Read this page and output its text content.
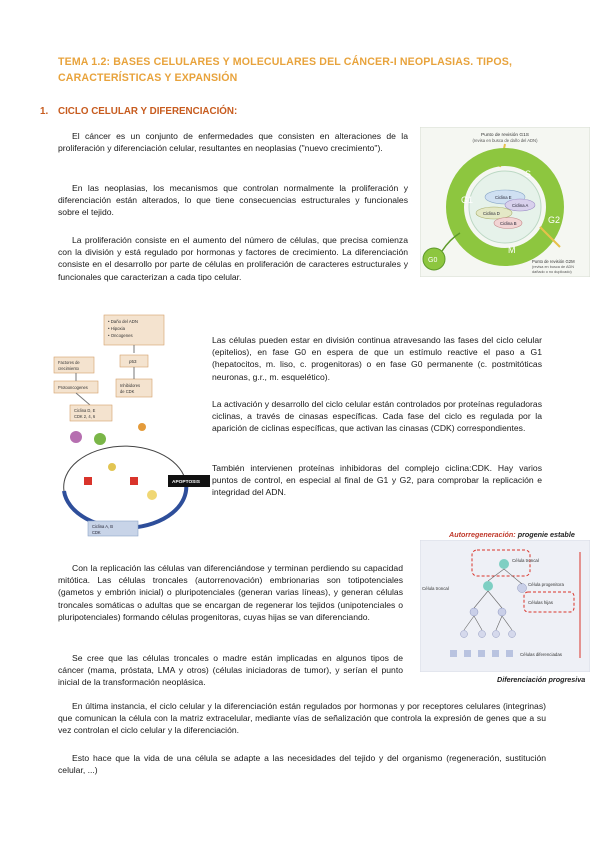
TEMA 1.2: BASES CELULARES Y MOLECULARES DEL CÁNCER-I NEOPLASIAS. TIPOS, CARACTERÍSTICAS Y EXPANSIÓN
1. CICLO CELULAR Y DIFERENCIACIÓN:
El cáncer es un conjunto de enfermedades que consisten en alteraciones de la proliferación y diferenciación celular, resultantes en neoplasias ("nuevo crecimiento").
En las neoplasias, los mecanismos que controlan normalmente la proliferación y diferenciación están alterados, lo que tiene consecuencias estructurales y funcionales sobre el tejido.
La proliferación consiste en el aumento del número de células, que precisa comienza con la división y está regulado por hormonas y factores de crecimiento. La diferenciación consiste en el desarrollo por parte de células en proliferación de caracteres estructurales y funcionales que caracterizan a cada tipo celular.
Punto de revisión G1S
(revisa en busca de daño del ADN)
Ciclina E
Ciclina A
Ciclina D
Ciclina B
S
G1
G2
M
G0	Punto de revisión G2M
(revisa en busca de ADN
dañado o no duplicado)
• Daño del ADN
• Hipoxia
• Oncogenes
Factores de
crecimiento
p53
Protooncogenes	Inhibidores
de CDK
Ciclina D, E
CDK 2, 4, 6
APOPTOSIS
Ciclina A, B
CDK
Las células pueden estar en división continua atravesando las fases del ciclo celular (epitelios), en fase G0 en espera de que un estímulo reactive el paso a G1 (hepatocitos, m. liso, c. progenitoras) o en fase G0 permanente (c. postmitóticas neuronas, g.r., m. esquelético).
La activación y desarrollo del ciclo celular están controlados por proteínas reguladoras ciclinas, a través de cinasas específicas. Cada fase del ciclo es regulada por la aparición de ciclinas específicas, que activan las cinasas (CDK) correspondientes.
También intervienen proteínas inhibidoras del complejo ciclina:CDK. Hay varios puntos de control, en especial al final de G1 y G2, para comprobar la replicación e integridad del ADN.
Autorregeneración: progenie estable
Célula troncal
Célula troncal
Célula progenitora
Células hijas
Células diferenciadas
Diferenciación progresiva
Con la replicación las células van diferenciándose y terminan perdiendo su capacidad mitótica. Las células troncales (autorrenovación) embrionarias son totipotenciales (gametos y embrión inicial) o pluripotenciales (generan varias líneas), y generan células troncales somáticas o adultas que se encargan de regenerar los tejidos (unipotenciales o pluripotenciales) formando células progenitoras, cuyas hijas se van diferenciando.
Se cree que las células troncales o madre están implicadas en algunos tipos de cáncer (mama, próstata, LMA y otros) (células iniciadoras de tumor), y serían el punto inicial de la transformación neoplásica.
En última instancia, el ciclo celular y la diferenciación están regulados por hormonas y por receptores celulares (integrinas) que comunican la célula con la matriz extracelular, mediante vías de señalización que controla la expresión de genes que a su vez controlan el ciclo celular y la diferenciación.
Esto hace que la vida de una célula se adapte a las necesidades del tejido y del organismo (regeneración, sustitución celular, ...)
